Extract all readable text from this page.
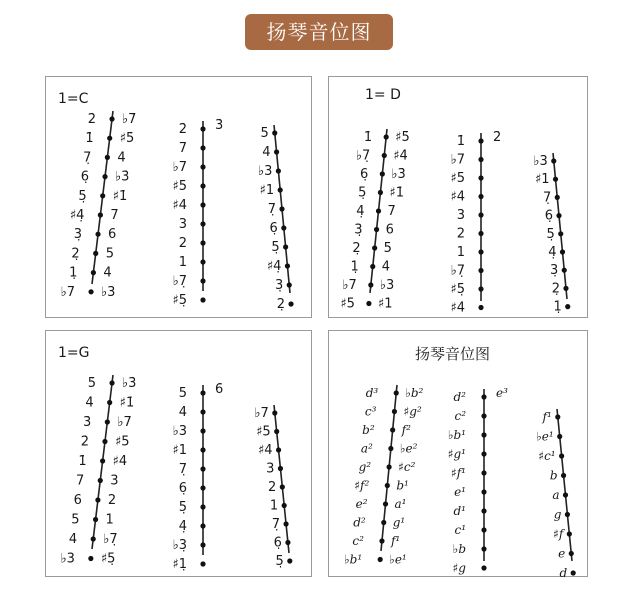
扬琴音位图
1=C
♭7̇
♯5̇
4̇
♭3̇
♯1̇
7
6
5
4
♭3
2̇
1̇
7̣
6̣
5̣
♯4̣
3̣
2̣
1̣
♭7
3̇
2̇
7
♭7
♯5
♯4
3
2
1
♭7̣
♯5̣
5
4
♭3
♯1
7̣
6̣
5̣
♯4̣
3̣
2̣
1= D
♯5̇
♯4̇
♭3̇
♯1̇
7
6
5
4
♭3
♯1
1̇
♭7̣
6̣
5̣
4̣
3̣
2̣
1̣
♭7
♯5
2̇
1̇
♭7
♯5
♯4
3
2
1
♭7̣
♯5̣
♯4
♭3
♯1
7̣
6̣
5̣
4̣
3̣
2̣
1̣
1=G
♭3̇
♯1̇
♭7
♯5
♯4
3
2
1
♭7̣
♯5̣
5̇
4̇
3̇
2̇
1̇
7
6
5
4
♭3
6̇
5
4
♭3
♯1
7̣
6̣
5̣
4̣
♭3̣
♯1̣
♭7
♯5
♯4
3
2
1
7̣
6̣
5̣
扬琴音位图
♭b²
♯g²
f²
♭e²
♯c²
b¹
a¹
g¹
f¹
♭e¹
d³
c³
b²
a²
g²
♯f²
e²
d²
c²
♭b¹
e³
d²
c²
♭b¹
♯g¹
♯f¹
e¹
d¹
c¹
♭b
♯g
f¹
♭e¹
♯c¹
b
a
g
♯f
e
d
